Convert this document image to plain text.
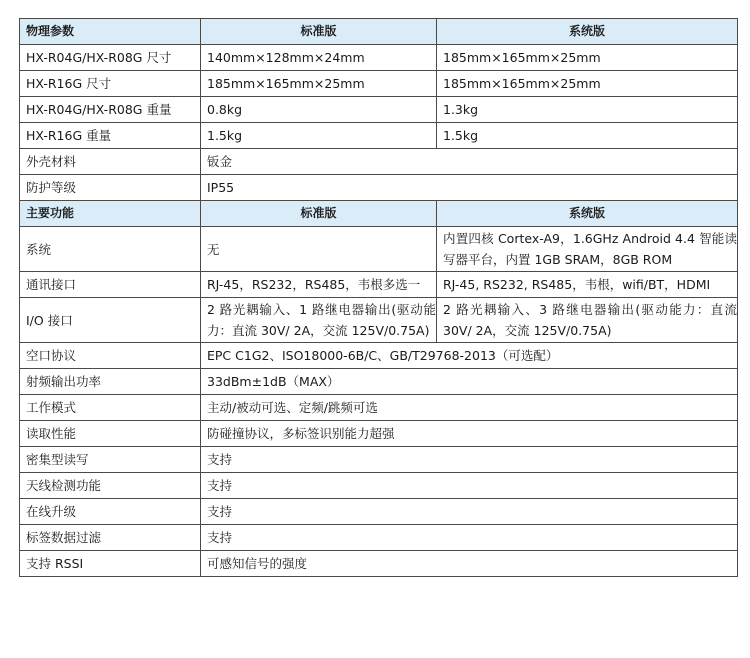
物理参数	标准版	系统版
HX-R04G/HX-R08G 尺寸	140mm×128mm×24mm	185mm×165mm×25mm
HX-R16G 尺寸	185mm×165mm×25mm	185mm×165mm×25mm
HX-R04G/HX-R08G 重量	0.8kg	1.3kg
HX-R16G 重量	1.5kg	1.5kg
外壳材料	钣金	
防护等级	IP55	
主要功能	标准版	系统版
系统	无	内置四核 Cortex-A9，1.6GHz Android 4.4 智能读写器平台，内置 1GB SRAM，8GB ROM
通讯接口	RJ-45，RS232，RS485，韦根多选一	RJ-45, RS232, RS485，韦根，wifi/BT，HDMI
I/O 接口	2 路光耦输入、1 路继电器输出(驱动能力：直流 30V/ 2A，交流 125V/0.75A)	2 路光耦输入、3 路继电器输出(驱动能力：直流 30V/ 2A，交流 125V/0.75A)
空口协议	EPC C1G2、ISO18000-6B/C、GB/T29768-2013（可选配）	
射频输出功率	33dBm±1dB（MAX）	
工作模式	主动/被动可选、定频/跳频可选	
读取性能	防碰撞协议，多标签识别能力超强	
密集型读写	支持	
天线检测功能	支持	
在线升级	支持	
标签数据过滤	支持	
支持 RSSI	可感知信号的强度	
